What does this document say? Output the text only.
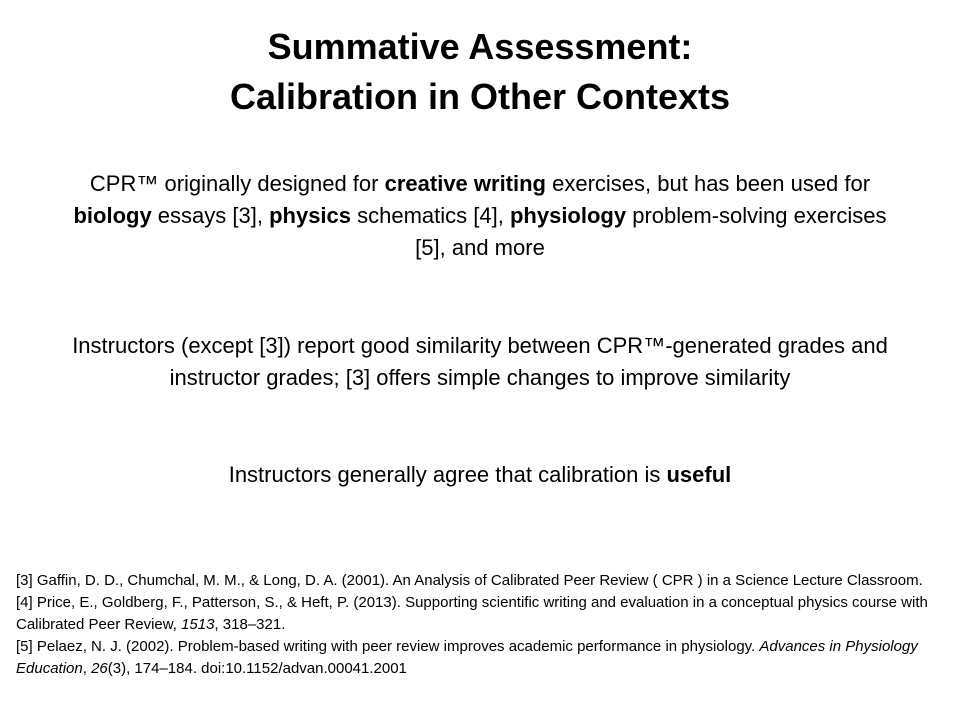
Summative Assessment:
Calibration in Other Contexts
CPR™ originally designed for creative writing exercises, but has been used for biology essays [3], physics schematics [4], physiology problem-solving exercises [5], and more
Instructors (except [3]) report good similarity between CPR™-generated grades and instructor grades; [3] offers simple changes to improve similarity
Instructors generally agree that calibration is useful
[3] Gaffin, D. D., Chumchal, M. M., & Long, D. A. (2001). An Analysis of Calibrated Peer Review ( CPR ) in a Science Lecture Classroom.
[4] Price, E., Goldberg, F., Patterson, S., & Heft, P. (2013). Supporting scientific writing and evaluation in a conceptual physics course with Calibrated Peer Review, 1513, 318–321.
[5] Pelaez, N. J. (2002). Problem-based writing with peer review improves academic performance in physiology. Advances in Physiology Education, 26(3), 174–184. doi:10.1152/advan.00041.2001
